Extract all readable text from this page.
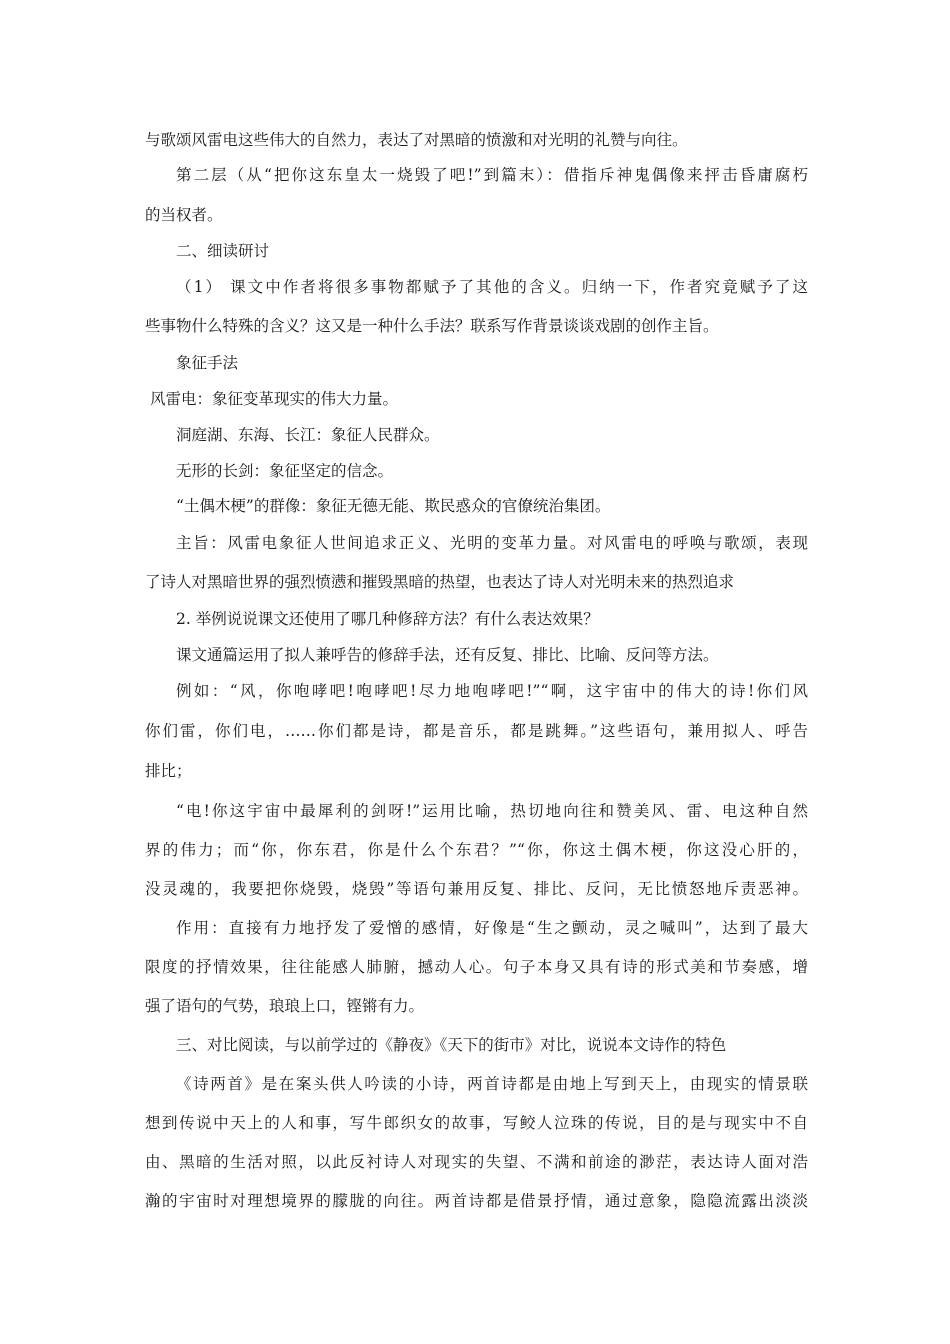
与歌颂风雷电这些伟大的自然力，表达了对黑暗的愤激和对光明的礼赞与向往。
第二层（从“把你这东皇太一烧毁了吧!”到篇末）：借指斥神鬼偶像来抨击昏庸腐朽
的当权者。
二、细读研讨
（1） 课文中作者将很多事物都赋予了其他的含义。归纳一下，作者究竟赋予了这
些事物什么特殊的含义？这又是一种什么手法？联系写作背景谈谈戏剧的创作主旨。
象征手法
风雷电：象征变革现实的伟大力量。
洞庭湖、东海、长江：象征人民群众。
无形的长剑：象征坚定的信念。
“土偶木梗”的群像：象征无德无能、欺民惑众的官僚统治集团。
主旨：风雷电象征人世间追求正义、光明的变革力量。对风雷电的呼唤与歌颂，表现
了诗人对黑暗世界的强烈愤懑和摧毁黑暗的热望，也表达了诗人对光明未来的热烈追求
2. 举例说说课文还使用了哪几种修辞方法？有什么表达效果？
课文通篇运用了拟人兼呼告的修辞手法，还有反复、排比、比喻、反问等方法。
例如：“风，你咆哮吧!咆哮吧!尽力地咆哮吧!”“啊，这宇宙中的伟大的诗!你们风
你们雷，你们电，……你们都是诗，都是音乐，都是跳舞。”这些语句，兼用拟人、呼告
排比；
“电!你这宇宙中最犀利的剑呀!”运用比喻，热切地向往和赞美风、雷、电这种自然
界的伟力；而“你，你东君，你是什么个东君？”“你，你这土偶木梗，你这没心肝的，
没灵魂的，我要把你烧毁，烧毁”等语句兼用反复、排比、反问，无比愤怒地斥责恶神。
作用：直接有力地抒发了爱憎的感情，好像是“生之颤动，灵之喊叫”，达到了最大
限度的抒情效果，往往能感人肺腑，撼动人心。句子本身又具有诗的形式美和节奏感，增
强了语句的气势，琅琅上口，铿锵有力。
三、对比阅读，与以前学过的《静夜》《天下的街市》对比，说说本文诗作的特色
《诗两首》是在案头供人吟读的小诗，两首诗都是由地上写到天上，由现实的情景联
想到传说中天上的人和事，写牛郎织女的故事，写鲛人泣珠的传说，目的是与现实中不自
由、黑暗的生活对照，以此反衬诗人对现实的失望、不满和前途的渺茫，表达诗人面对浩
瀚的宇宙时对理想境界的朦胧的向往。两首诗都是借景抒情，通过意象，隐隐流露出淡淡
